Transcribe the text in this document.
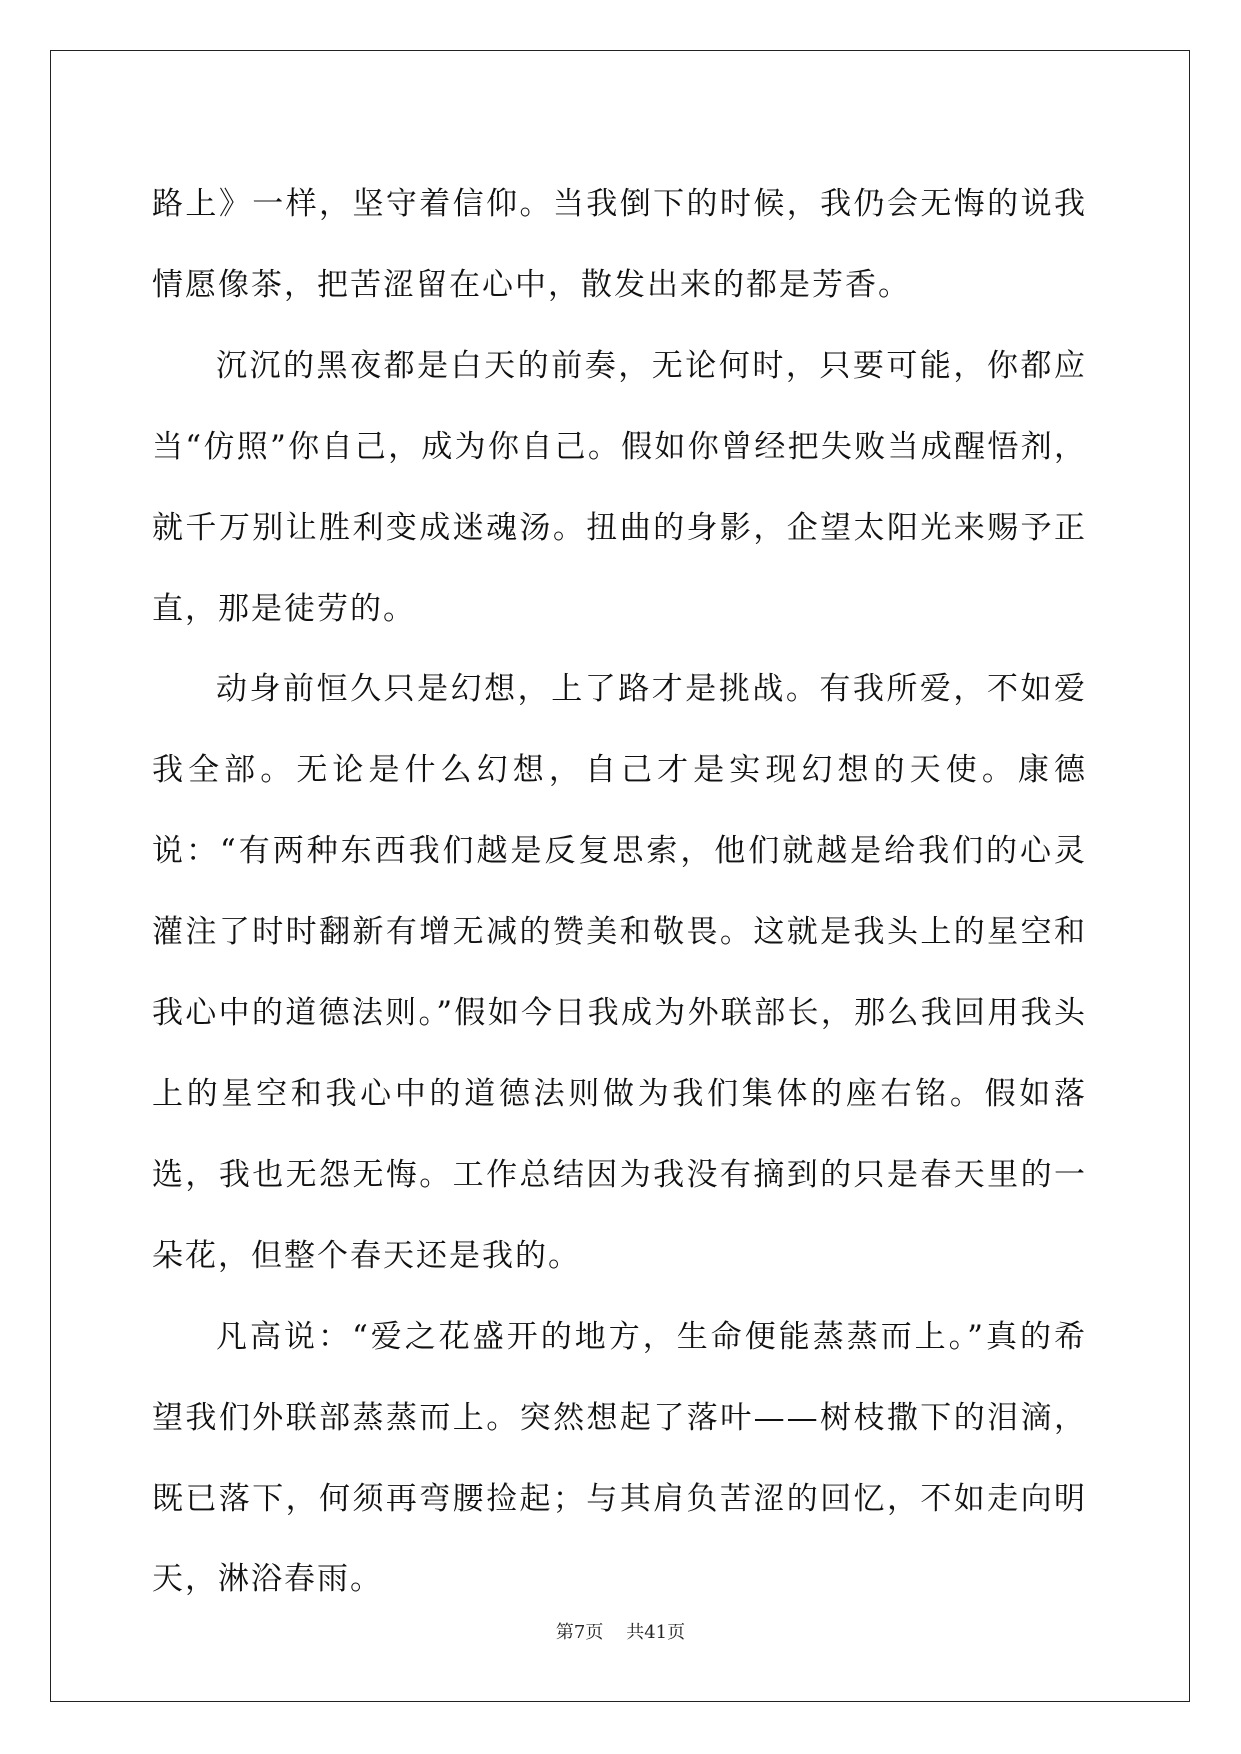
路上》一样，坚守着信仰。当我倒下的时候，我仍会无悔的说我情愿像茶，把苦涩留在心中，散发出来的都是芳香。

沉沉的黑夜都是白天的前奏，无论何时，只要可能，你都应当“仿照”你自己，成为你自己。假如你曾经把失败当成醒悟剂，就千万别让胜利变成迷魂汤。扭曲的身影，企望太阳光来赐予正直，那是徒劳的。

动身前恒久只是幻想，上了路才是挑战。有我所爱，不如爱我全部。无论是什么幻想，自己才是实现幻想的天使。康德说：“有两种东西我们越是反复思索，他们就越是给我们的心灵灌注了时时翻新有增无减的赞美和敬畏。这就是我头上的星空和我心中的道德法则。”假如今日我成为外联部长，那么我回用我头上的星空和我心中的道德法则做为我们集体的座右铭。假如落选，我也无怨无悔。工作总结因为我没有摘到的只是春天里的一朵花，但整个春天还是我的。

凡高说：“爱之花盛开的地方，生命便能蒸蒸而上。”真的希望我们外联部蒸蒸而上。突然想起了落叶——树枝撒下的泪滴，既已落下，何须再弯腰捡起；与其肩负苦涩的回忆，不如走向明天，淋浴春雨。

第7页 共41页
